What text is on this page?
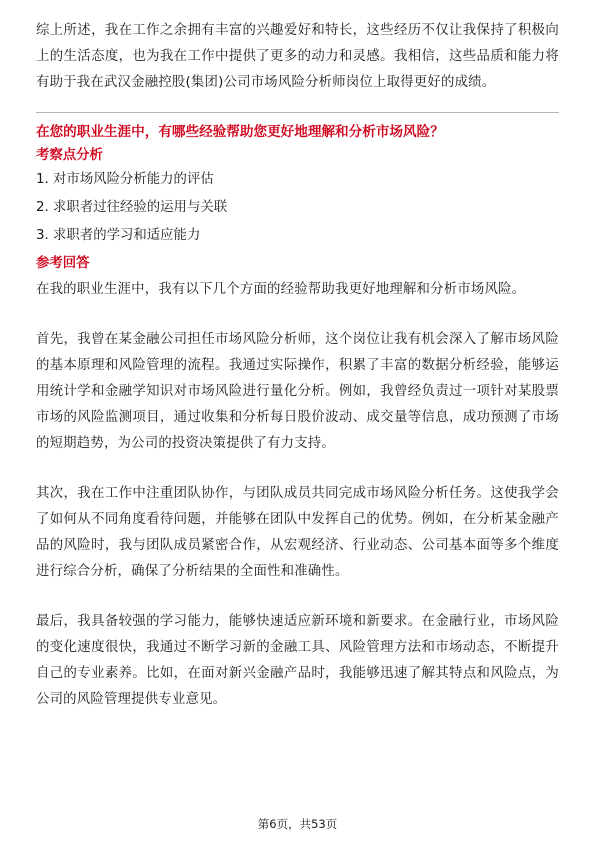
综上所述，我在工作之余拥有丰富的兴趣爱好和特长，这些经历不仅让我保持了积极向上的生活态度，也为我在工作中提供了更多的动力和灵感。我相信，这些品质和能力将有助于我在武汉金融控股(集团)公司市场风险分析师岗位上取得更好的成绩。

在您的职业生涯中，有哪些经验帮助您更好地理解和分析市场风险？

考察点分析

1. 对市场风险分析能力的评估

2. 求职者过往经验的运用与关联

3. 求职者的学习和适应能力

参考回答

在我的职业生涯中，我有以下几个方面的经验帮助我更好地理解和分析市场风险。

首先，我曾在某金融公司担任市场风险分析师，这个岗位让我有机会深入了解市场风险的基本原理和风险管理的流程。我通过实际操作，积累了丰富的数据分析经验，能够运用统计学和金融学知识对市场风险进行量化分析。例如，我曾经负责过一项针对某股票市场的风险监测项目，通过收集和分析每日股价波动、成交量等信息，成功预测了市场的短期趋势，为公司的投资决策提供了有力支持。

其次，我在工作中注重团队协作，与团队成员共同完成市场风险分析任务。这使我学会了如何从不同角度看待问题，并能够在团队中发挥自己的优势。例如，在分析某金融产品的风险时，我与团队成员紧密合作，从宏观经济、行业动态、公司基本面等多个维度进行综合分析，确保了分析结果的全面性和准确性。

最后，我具备较强的学习能力，能够快速适应新环境和新要求。在金融行业，市场风险的变化速度很快，我通过不断学习新的金融工具、风险管理方法和市场动态，不断提升自己的专业素养。比如，在面对新兴金融产品时，我能够迅速了解其特点和风险点，为公司的风险管理提供专业意见。

第6页，共53页
